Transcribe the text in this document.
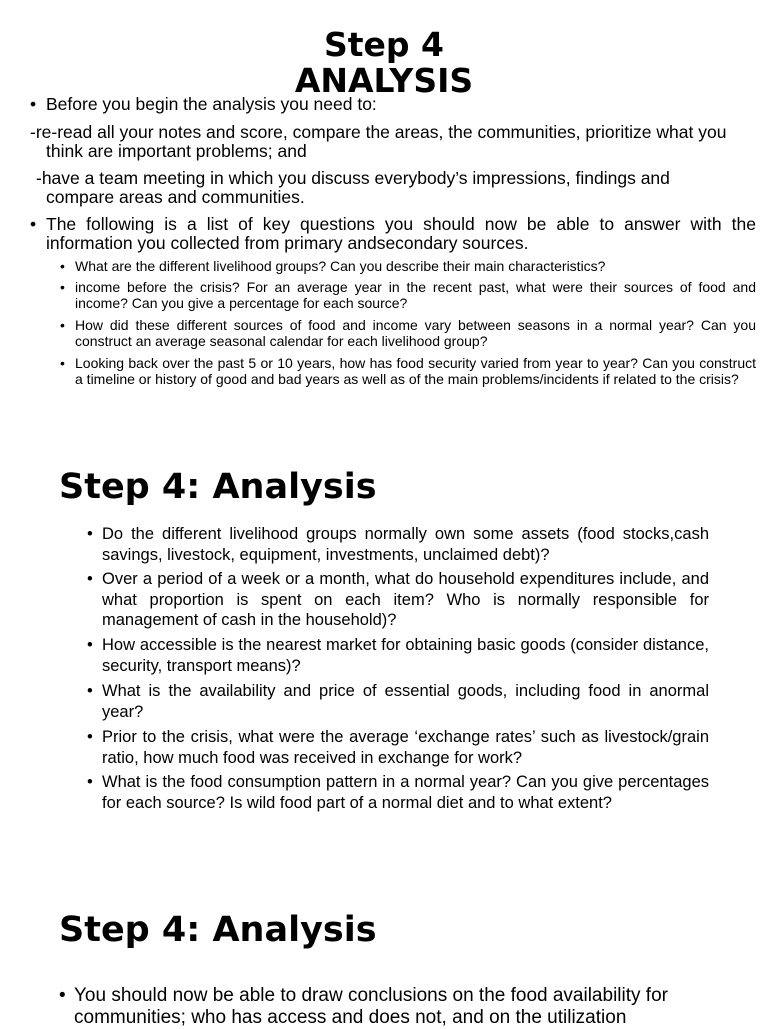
Step 4
ANALYSIS
• Before you begin the analysis you need to:

-re-read all your notes and score, compare the areas, the communities, prioritize what you think are important problems; and

-have a team meeting in which you discuss everybody’s impressions, findings and compare areas and communities.

• The following is a list of key questions you should now be able to answer with the information you collected from primary andsecondary sources.

• What are the different livelihood groups? Can you describe their main characteristics?

• income before the crisis? For an average year in the recent past, what were their sources of food and income? Can you give a percentage for each source?

• How did these different sources of food and income vary between seasons in a normal year? Can you construct an average seasonal calendar for each livelihood group?

• Looking back over the past 5 or 10 years, how has food security varied from year to year? Can you construct a timeline or history of good and bad years as well as of the main problems/incidents if related to the crisis?

Step 4: Analysis
• Do the different livelihood groups normally own some assets (food stocks,cash savings, livestock, equipment, investments, unclaimed debt)?

• Over a period of a week or a month, what do household expenditures include, and what proportion is spent on each item? Who is normally responsible for management of cash in the household)?

• How accessible is the nearest market for obtaining basic goods (consider distance, security, transport means)?

• What is the availability and price of essential goods, including food in anormal year?

• Prior to the crisis, what were the average ‘exchange rates’ such as livestock/grain ratio, how much food was received in exchange for work?

• What is the food consumption pattern in a normal year? Can you give percentages for each source? Is wild food part of a normal diet and to what extent?

Step 4: Analysis
• You should now be able to draw conclusions on the food availability for communities; who has access and does not, and on the utilization
